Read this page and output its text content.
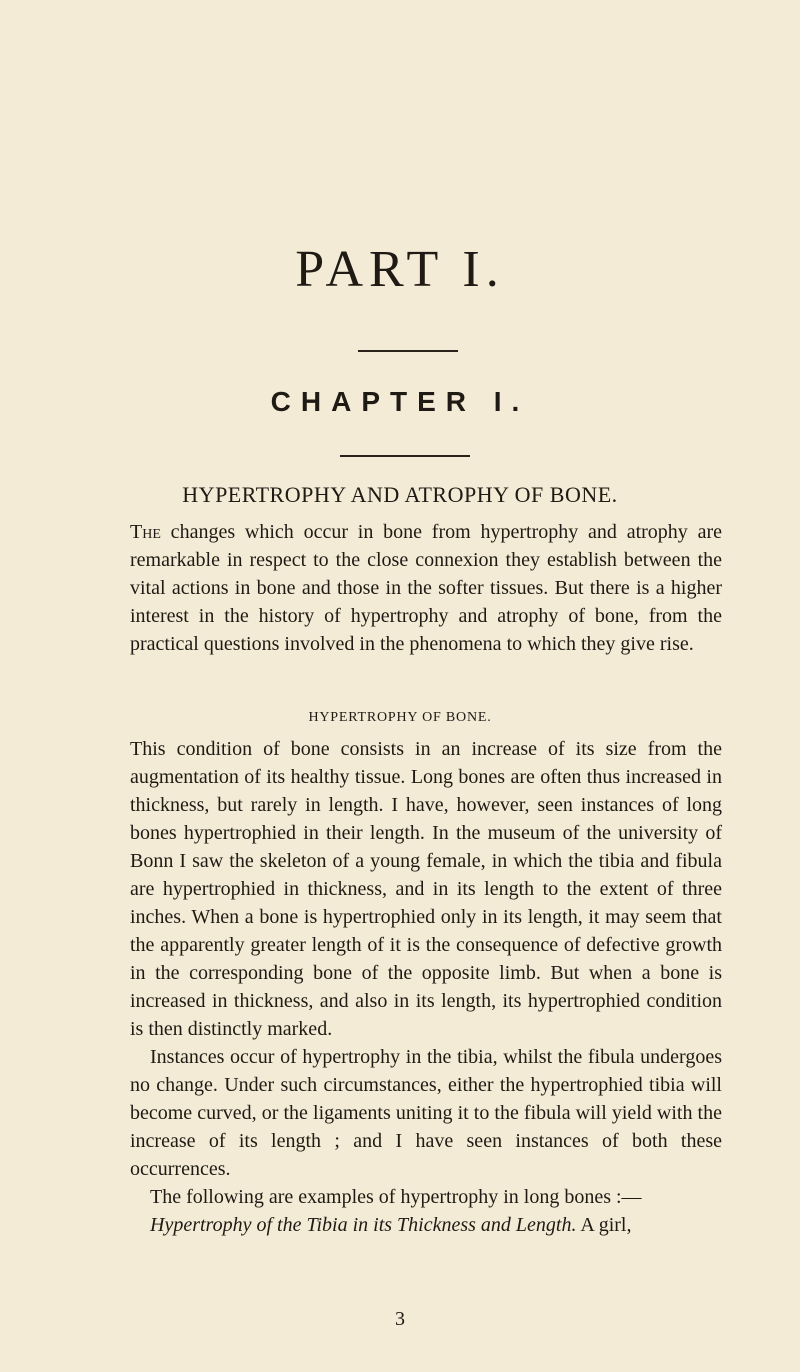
PART I.
CHAPTER I.
HYPERTROPHY AND ATROPHY OF BONE.
The changes which occur in bone from hypertrophy and atrophy are remarkable in respect to the close connexion they establish between the vital actions in bone and those in the softer tissues. But there is a higher interest in the history of hypertrophy and atrophy of bone, from the practical questions involved in the phenomena to which they give rise.
HYPERTROPHY OF BONE.

This condition of bone consists in an increase of its size from the augmentation of its healthy tissue. Long bones are often thus increased in thickness, but rarely in length. I have, however, seen instances of long bones hypertrophied in their length. In the museum of the university of Bonn I saw the skeleton of a young female, in which the tibia and fibula are hypertrophied in thickness, and in its length to the extent of three inches. When a bone is hypertrophied only in its length, it may seem that the apparently greater length of it is the consequence of defective growth in the corresponding bone of the opposite limb. But when a bone is increased in thickness, and also in its length, its hypertrophied condition is then distinctly marked.

Instances occur of hypertrophy in the tibia, whilst the fibula undergoes no change. Under such circumstances, either the hypertrophied tibia will become curved, or the ligaments uniting it to the fibula will yield with the increase of its length ; and I have seen instances of both these occurrences.

The following are examples of hypertrophy in long bones :—

Hypertrophy of the Tibia in its Thickness and Length. A girl,

3
